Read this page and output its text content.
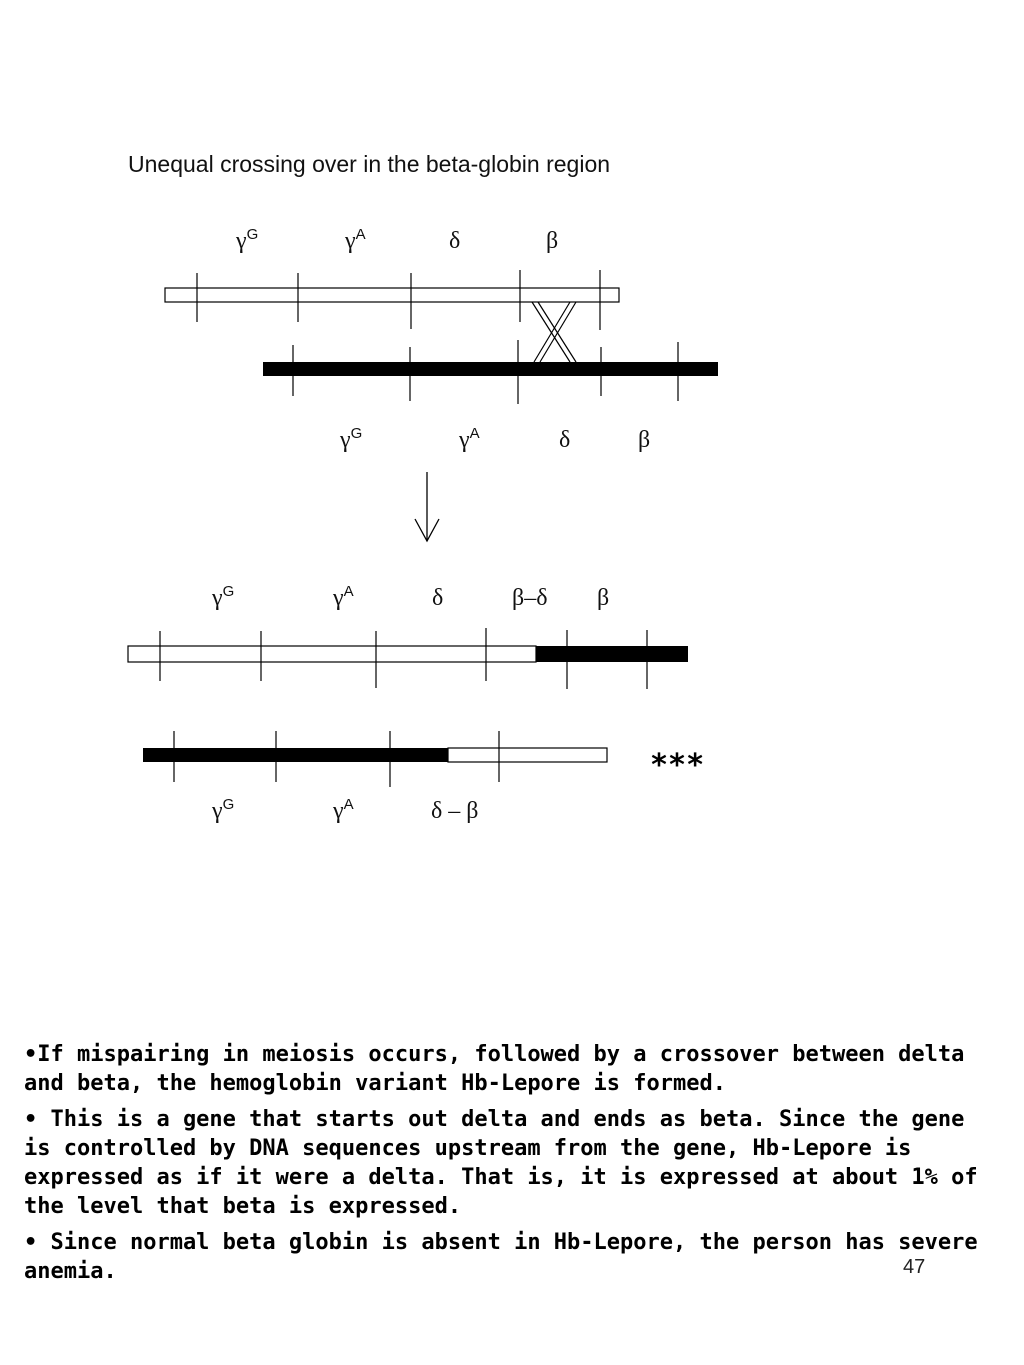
Unequal crossing over in the beta-globin region
γG	γA	δ	β
γG	γA	δ	β
γG	γA	δ	β–δ β
***
γG	γA	δ – β

•If mispairing in meiosis occurs, followed by a crossover between delta and beta, the hemoglobin variant Hb-Lepore is formed.

• This is a gene that starts out delta and ends as beta. Since the gene is controlled by DNA sequences upstream from the gene, Hb-Lepore is expressed as if it were a delta. That is, it is expressed at about 1% of the level that beta is expressed.

• Since normal beta globin is absent in Hb-Lepore, the person has severe anemia.	47
